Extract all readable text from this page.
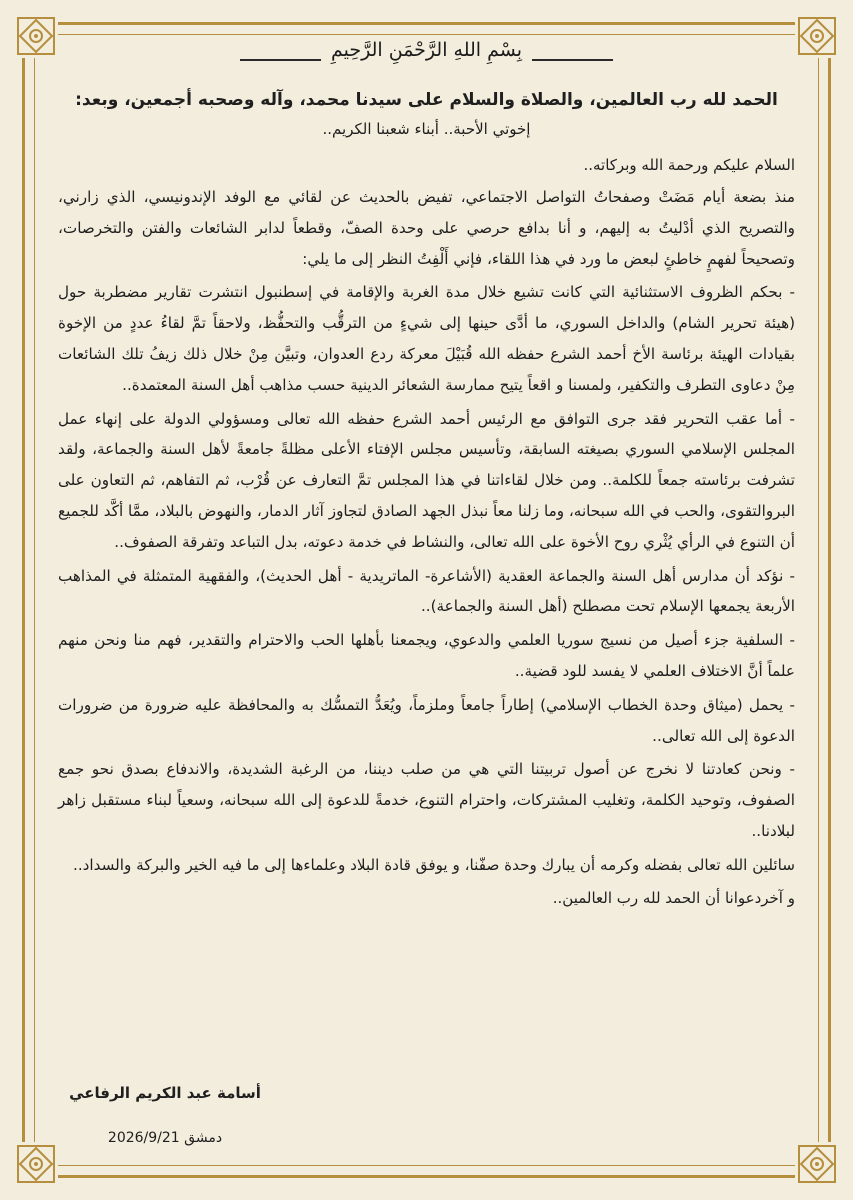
بِسْمِ اللهِ الرَّحْمَنِ الرَّحِيمِ
الحمد لله رب العالمين، والصلاة والسلام على سيدنا محمد، وآله وصحبه أجمعين، وبعد:
إخوتي الأحبة.. أبناء شعبنا الكريم..

السلام عليكم ورحمة الله وبركاته..

منذ بضعة أيام مَضَتْ وصفحاتُ التواصل الاجتماعي، تفيض بالحديث عن لقائي مع الوفد الإندونيسي، الذي زارني، والتصريح الذي أدْليتُ به إليهم، و أنا بدافع حرصي على وحدة الصفّ، وقطعاً لدابر الشائعات والفتن والتخرصات، وتصحيحاً لفهمٍ خاطئٍ لبعض ما ورد في هذا اللقاء، فإني أَلْفِتُ النظر إلى ما يلي:

- بحكم الظروف الاستثنائية التي كانت تشيع خلال مدة الغربة والإقامة في إسطنبول انتشرت تقارير مضطربة حول (هيئة تحرير الشام) والداخل السوري، ما أدَّى حينها إلى شيءٍ من الترقُّب والتحفُّظ، ولاحقاً تمَّ لقاءُ عددٍ من الإخوة بقيادات الهيئة برئاسة الأخ أحمد الشرع حفظه الله قُبَيْلَ معركة ردع العدوان، وتبيَّن مِنْ خلال ذلك زيفُ تلك الشائعات مِنْ دعاوى التطرف والتكفير، ولمسنا و اقعاً يتيح ممارسة الشعائر الدينية حسب مذاهب أهل السنة المعتمدة..

- أما عقب التحرير فقد جرى التوافق مع الرئيس أحمد الشرع حفظه الله تعالى ومسؤولي الدولة على إنهاء عمل المجلس الإسلامي السوري بصيغته السابقة، وتأسيس مجلس الإفتاء الأعلى مظلةً جامعةً لأهل السنة والجماعة، ولقد تشرفت برئاسته جمعاً للكلمة.. ومن خلال لقاءاتنا في هذا المجلس تمَّ التعارف عن قُرْب، ثم التفاهم، ثم التعاون على البروالتقوى، والحب في الله سبحانه، وما زلنا معاً نبذل الجهد الصادق لتجاوز آثار الدمار، والنهوض بالبلاد، ممَّا أكَّد للجميع أن التنوع في الرأي يُثْري روح الأخوة على الله تعالى، والنشاط في خدمة دعوته، بدل التباعد وتفرقة الصفوف..

- نؤكد أن مدارس أهل السنة والجماعة العقدية (الأشاعرة- الماتريدية - أهل الحديث)، والفقهية المتمثلة في المذاهب الأربعة يجمعها الإسلام تحت مصطلح (أهل السنة والجماعة)..

- السلفية جزء أصيل من نسيج سوريا العلمي والدعوي، ويجمعنا بأهلها الحب والاحترام والتقدير، فهم منا ونحن منهم علماً أنَّ الاختلاف العلمي لا يفسد للود قضية..

- يحمل (ميثاق وحدة الخطاب الإسلامي) إطاراً جامعاً وملزماً، ويُعَدُّ التمسُّك به والمحافظة عليه ضرورة من ضرورات الدعوة إلى الله تعالى..

- ونحن كعادتنا لا نخرج عن أصول تربيتنا التي هي من صلب ديننا، من الرغبة الشديدة، والاندفاع بصدق نحو جمع الصفوف، وتوحيد الكلمة، وتغليب المشتركات، واحترام التنوع، خدمةً للدعوة إلى الله سبحانه، وسعياً لبناء مستقبل زاهر لبلادنا..

سائلين الله تعالى بفضله وكرمه أن يبارك وحدة صفّنا، و يوفق قادة البلاد وعلماءها إلى ما فيه الخير والبركة والسداد..

و آخردعوانا أن الحمد لله رب العالمين..

أسامة عبد الكريم الرفاعي
دمشق 2026/9/21
